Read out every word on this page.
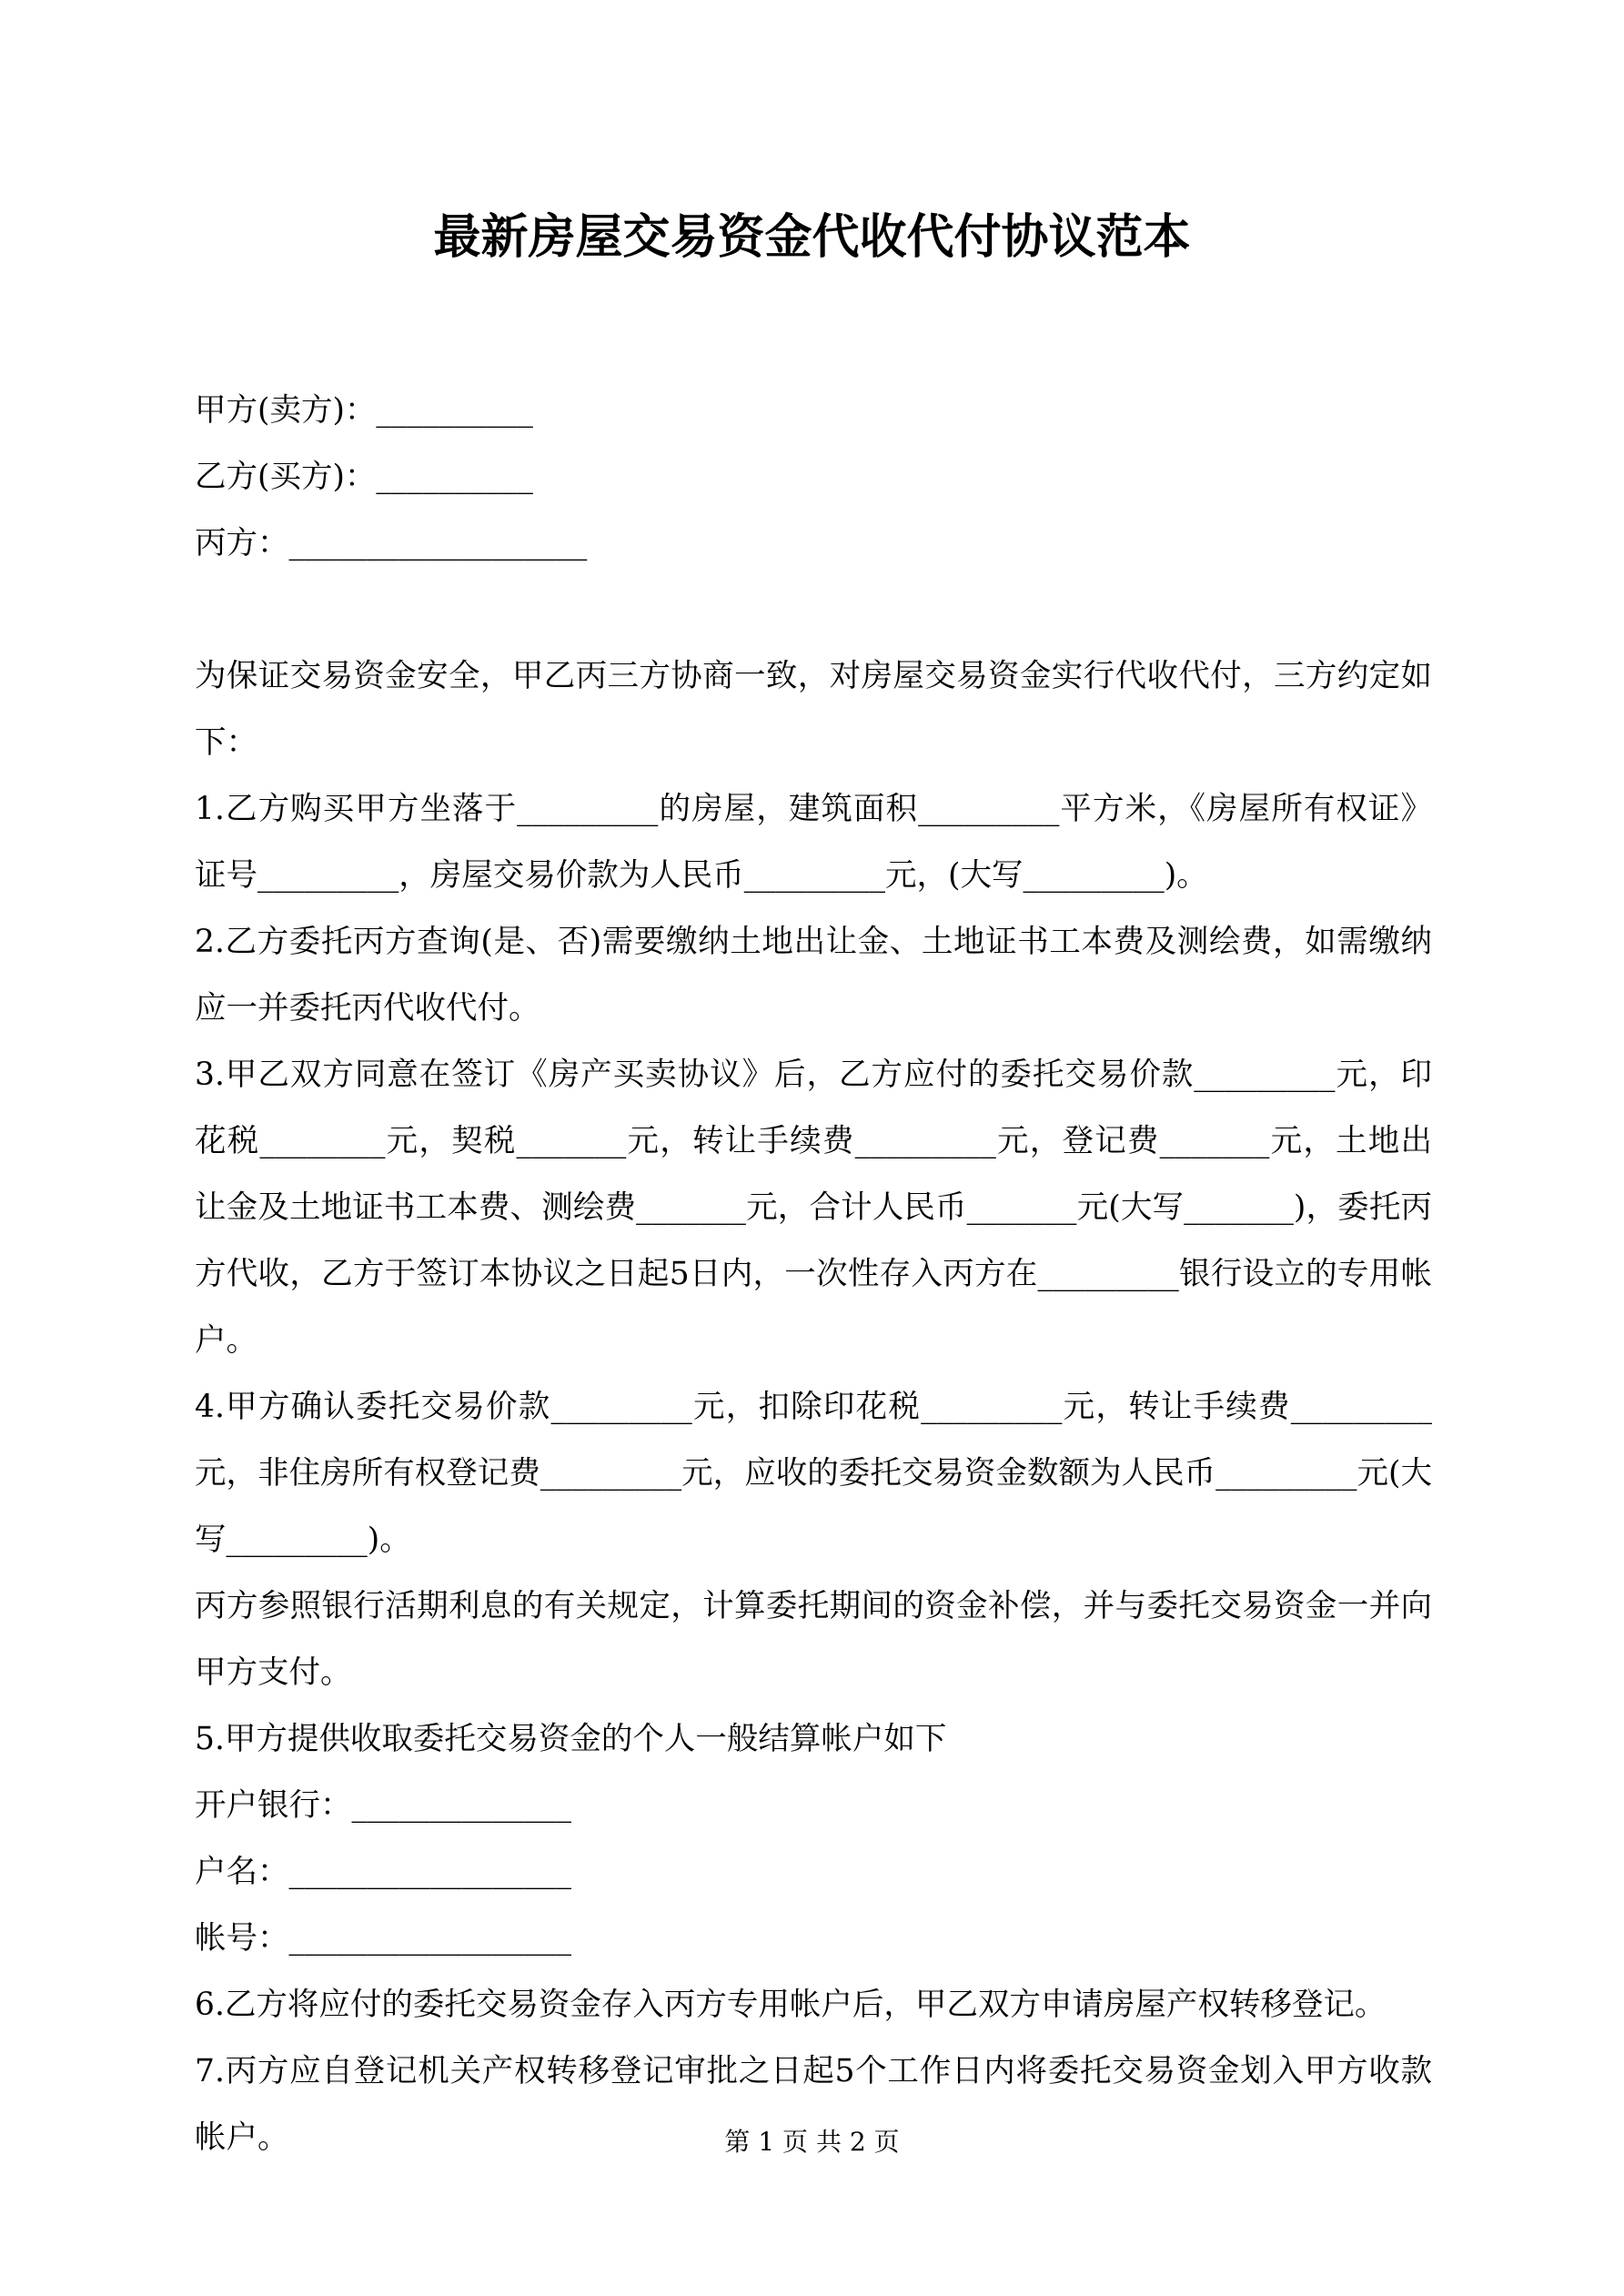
最新房屋交易资金代收代付协议范本

甲方(卖方)：__________

乙方(买方)：__________

丙方：___________________

为保证交易资金安全，甲乙丙三方协商一致，对房屋交易资金实行代收代付，三方约定如下：

1.乙方购买甲方坐落于_________的房屋，建筑面积_________平方米，《房屋所有权证》证号_________，房屋交易价款为人民币_________元，(大写_________)。

2.乙方委托丙方查询(是、否)需要缴纳土地出让金、土地证书工本费及测绘费，如需缴纳应一并委托丙代收代付。

3.甲乙双方同意在签订《房产买卖协议》后，乙方应付的委托交易价款_________元，印花税________元，契税_______元，转让手续费_________元，登记费_______元，土地出让金及土地证书工本费、测绘费_______元，合计人民币_______元(大写_______)，委托丙方代收，乙方于签订本协议之日起5日内，一次性存入丙方在_________银行设立的专用帐户。

4.甲方确认委托交易价款_________元，扣除印花税_________元，转让手续费_________元，非住房所有权登记费_________元，应收的委托交易资金数额为人民币_________元(大写_________)。

丙方参照银行活期利息的有关规定，计算委托期间的资金补偿，并与委托交易资金一并向甲方支付。

5.甲方提供收取委托交易资金的个人一般结算帐户如下

开户银行：______________

户名：__________________

帐号：__________________

6.乙方将应付的委托交易资金存入丙方专用帐户后，甲乙双方申请房屋产权转移登记。

7.丙方应自登记机关产权转移登记审批之日起5个工作日内将委托交易资金划入甲方收款帐户。	第 1 页 共 2 页
